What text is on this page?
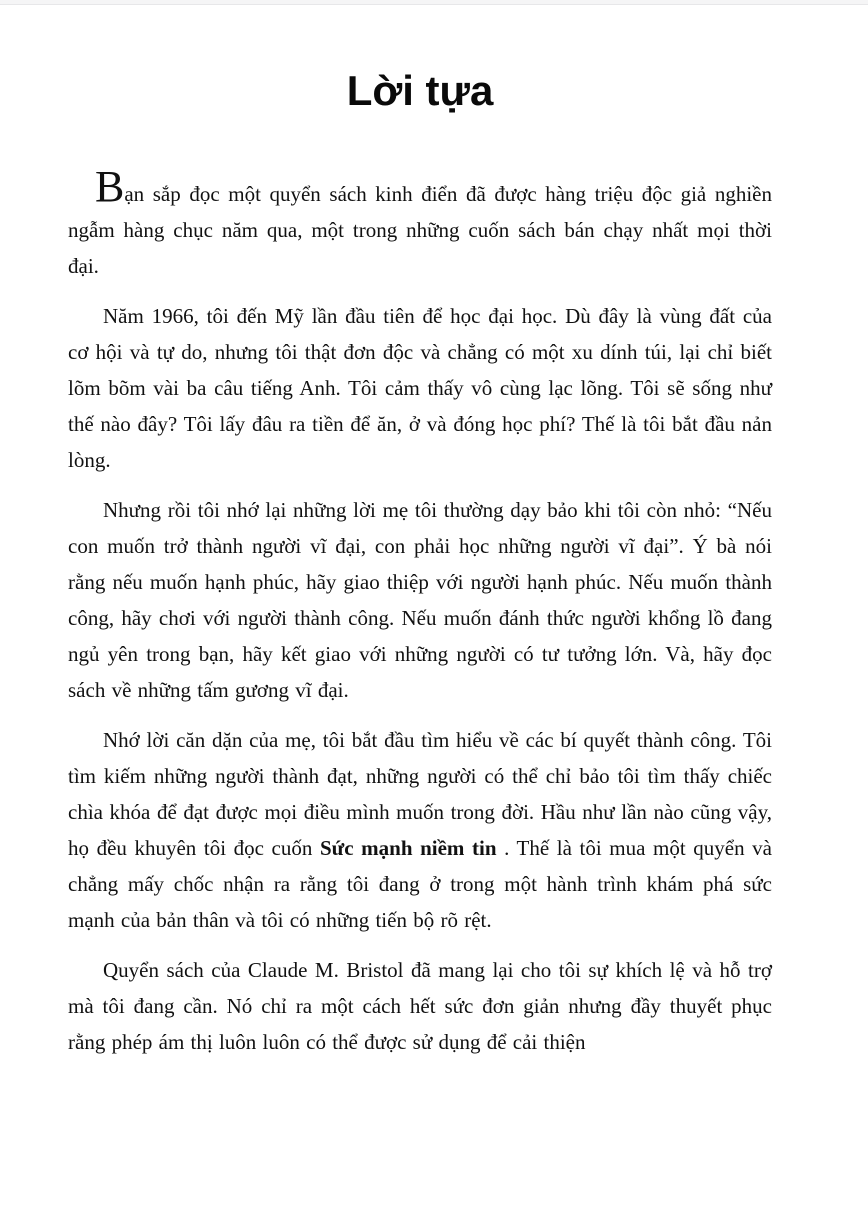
Lời tựa

Bạn sắp đọc một quyển sách kinh điển đã được hàng triệu độc giả nghiền ngẫm hàng chục năm qua, một trong những cuốn sách bán chạy nhất mọi thời đại.

Năm 1966, tôi đến Mỹ lần đầu tiên để học đại học. Dù đây là vùng đất của cơ hội và tự do, nhưng tôi thật đơn độc và chẳng có một xu dính túi, lại chỉ biết lõm bõm vài ba câu tiếng Anh. Tôi cảm thấy vô cùng lạc lõng. Tôi sẽ sống như thế nào đây? Tôi lấy đâu ra tiền để ăn, ở và đóng học phí? Thế là tôi bắt đầu nản lòng.

Nhưng rồi tôi nhớ lại những lời mẹ tôi thường dạy bảo khi tôi còn nhỏ: “Nếu con muốn trở thành người vĩ đại, con phải học những người vĩ đại”. Ý bà nói rằng nếu muốn hạnh phúc, hãy giao thiệp với người hạnh phúc. Nếu muốn thành công, hãy chơi với người thành công. Nếu muốn đánh thức người khổng lồ đang ngủ yên trong bạn, hãy kết giao với những người có tư tưởng lớn. Và, hãy đọc sách về những tấm gương vĩ đại.

Nhớ lời căn dặn của mẹ, tôi bắt đầu tìm hiểu về các bí quyết thành công. Tôi tìm kiếm những người thành đạt, những người có thể chỉ bảo tôi tìm thấy chiếc chìa khóa để đạt được mọi điều mình muốn trong đời. Hầu như lần nào cũng vậy, họ đều khuyên tôi đọc cuốn Sức mạnh niềm tin . Thế là tôi mua một quyển và chẳng mấy chốc nhận ra rằng tôi đang ở trong một hành trình khám phá sức mạnh của bản thân và tôi có những tiến bộ rõ rệt.

Quyển sách của Claude M. Bristol đã mang lại cho tôi sự khích lệ và hỗ trợ mà tôi đang cần. Nó chỉ ra một cách hết sức đơn giản nhưng đầy thuyết phục rằng phép ám thị luôn luôn có thể được sử dụng để cải thiện
